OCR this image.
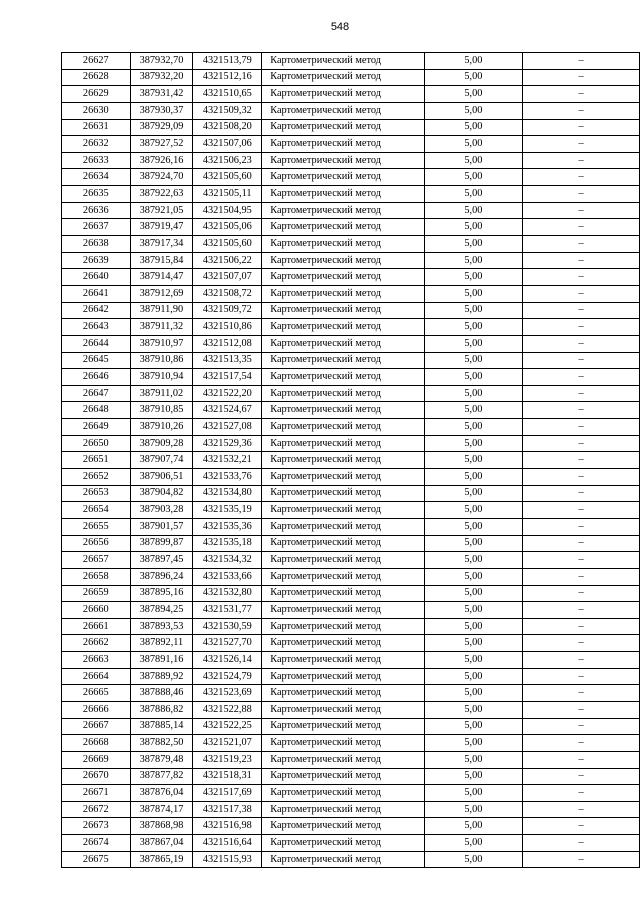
548
26627	387932,70	4321513,79	Картометрический метод	5,00	–
26628	387932,20	4321512,16	Картометрический метод	5,00	–
26629	387931,42	4321510,65	Картометрический метод	5,00	–
26630	387930,37	4321509,32	Картометрический метод	5,00	–
26631	387929,09	4321508,20	Картометрический метод	5,00	–
26632	387927,52	4321507,06	Картометрический метод	5,00	–
26633	387926,16	4321506,23	Картометрический метод	5,00	–
26634	387924,70	4321505,60	Картометрический метод	5,00	–
26635	387922,63	4321505,11	Картометрический метод	5,00	–
26636	387921,05	4321504,95	Картометрический метод	5,00	–
26637	387919,47	4321505,06	Картометрический метод	5,00	–
26638	387917,34	4321505,60	Картометрический метод	5,00	–
26639	387915,84	4321506,22	Картометрический метод	5,00	–
26640	387914,47	4321507,07	Картометрический метод	5,00	–
26641	387912,69	4321508,72	Картометрический метод	5,00	–
26642	387911,90	4321509,72	Картометрический метод	5,00	–
26643	387911,32	4321510,86	Картометрический метод	5,00	–
26644	387910,97	4321512,08	Картометрический метод	5,00	–
26645	387910,86	4321513,35	Картометрический метод	5,00	–
26646	387910,94	4321517,54	Картометрический метод	5,00	–
26647	387911,02	4321522,20	Картометрический метод	5,00	–
26648	387910,85	4321524,67	Картометрический метод	5,00	–
26649	387910,26	4321527,08	Картометрический метод	5,00	–
26650	387909,28	4321529,36	Картометрический метод	5,00	–
26651	387907,74	4321532,21	Картометрический метод	5,00	–
26652	387906,51	4321533,76	Картометрический метод	5,00	–
26653	387904,82	4321534,80	Картометрический метод	5,00	–
26654	387903,28	4321535,19	Картометрический метод	5,00	–
26655	387901,57	4321535,36	Картометрический метод	5,00	–
26656	387899,87	4321535,18	Картометрический метод	5,00	–
26657	387897,45	4321534,32	Картометрический метод	5,00	–
26658	387896,24	4321533,66	Картометрический метод	5,00	–
26659	387895,16	4321532,80	Картометрический метод	5,00	–
26660	387894,25	4321531,77	Картометрический метод	5,00	–
26661	387893,53	4321530,59	Картометрический метод	5,00	–
26662	387892,11	4321527,70	Картометрический метод	5,00	–
26663	387891,16	4321526,14	Картометрический метод	5,00	–
26664	387889,92	4321524,79	Картометрический метод	5,00	–
26665	387888,46	4321523,69	Картометрический метод	5,00	–
26666	387886,82	4321522,88	Картометрический метод	5,00	–
26667	387885,14	4321522,25	Картометрический метод	5,00	–
26668	387882,50	4321521,07	Картометрический метод	5,00	–
26669	387879,48	4321519,23	Картометрический метод	5,00	–
26670	387877,82	4321518,31	Картометрический метод	5,00	–
26671	387876,04	4321517,69	Картометрический метод	5,00	–
26672	387874,17	4321517,38	Картометрический метод	5,00	–
26673	387868,98	4321516,98	Картометрический метод	5,00	–
26674	387867,04	4321516,64	Картометрический метод	5,00	–
26675	387865,19	4321515,93	Картометрический метод	5,00	–
